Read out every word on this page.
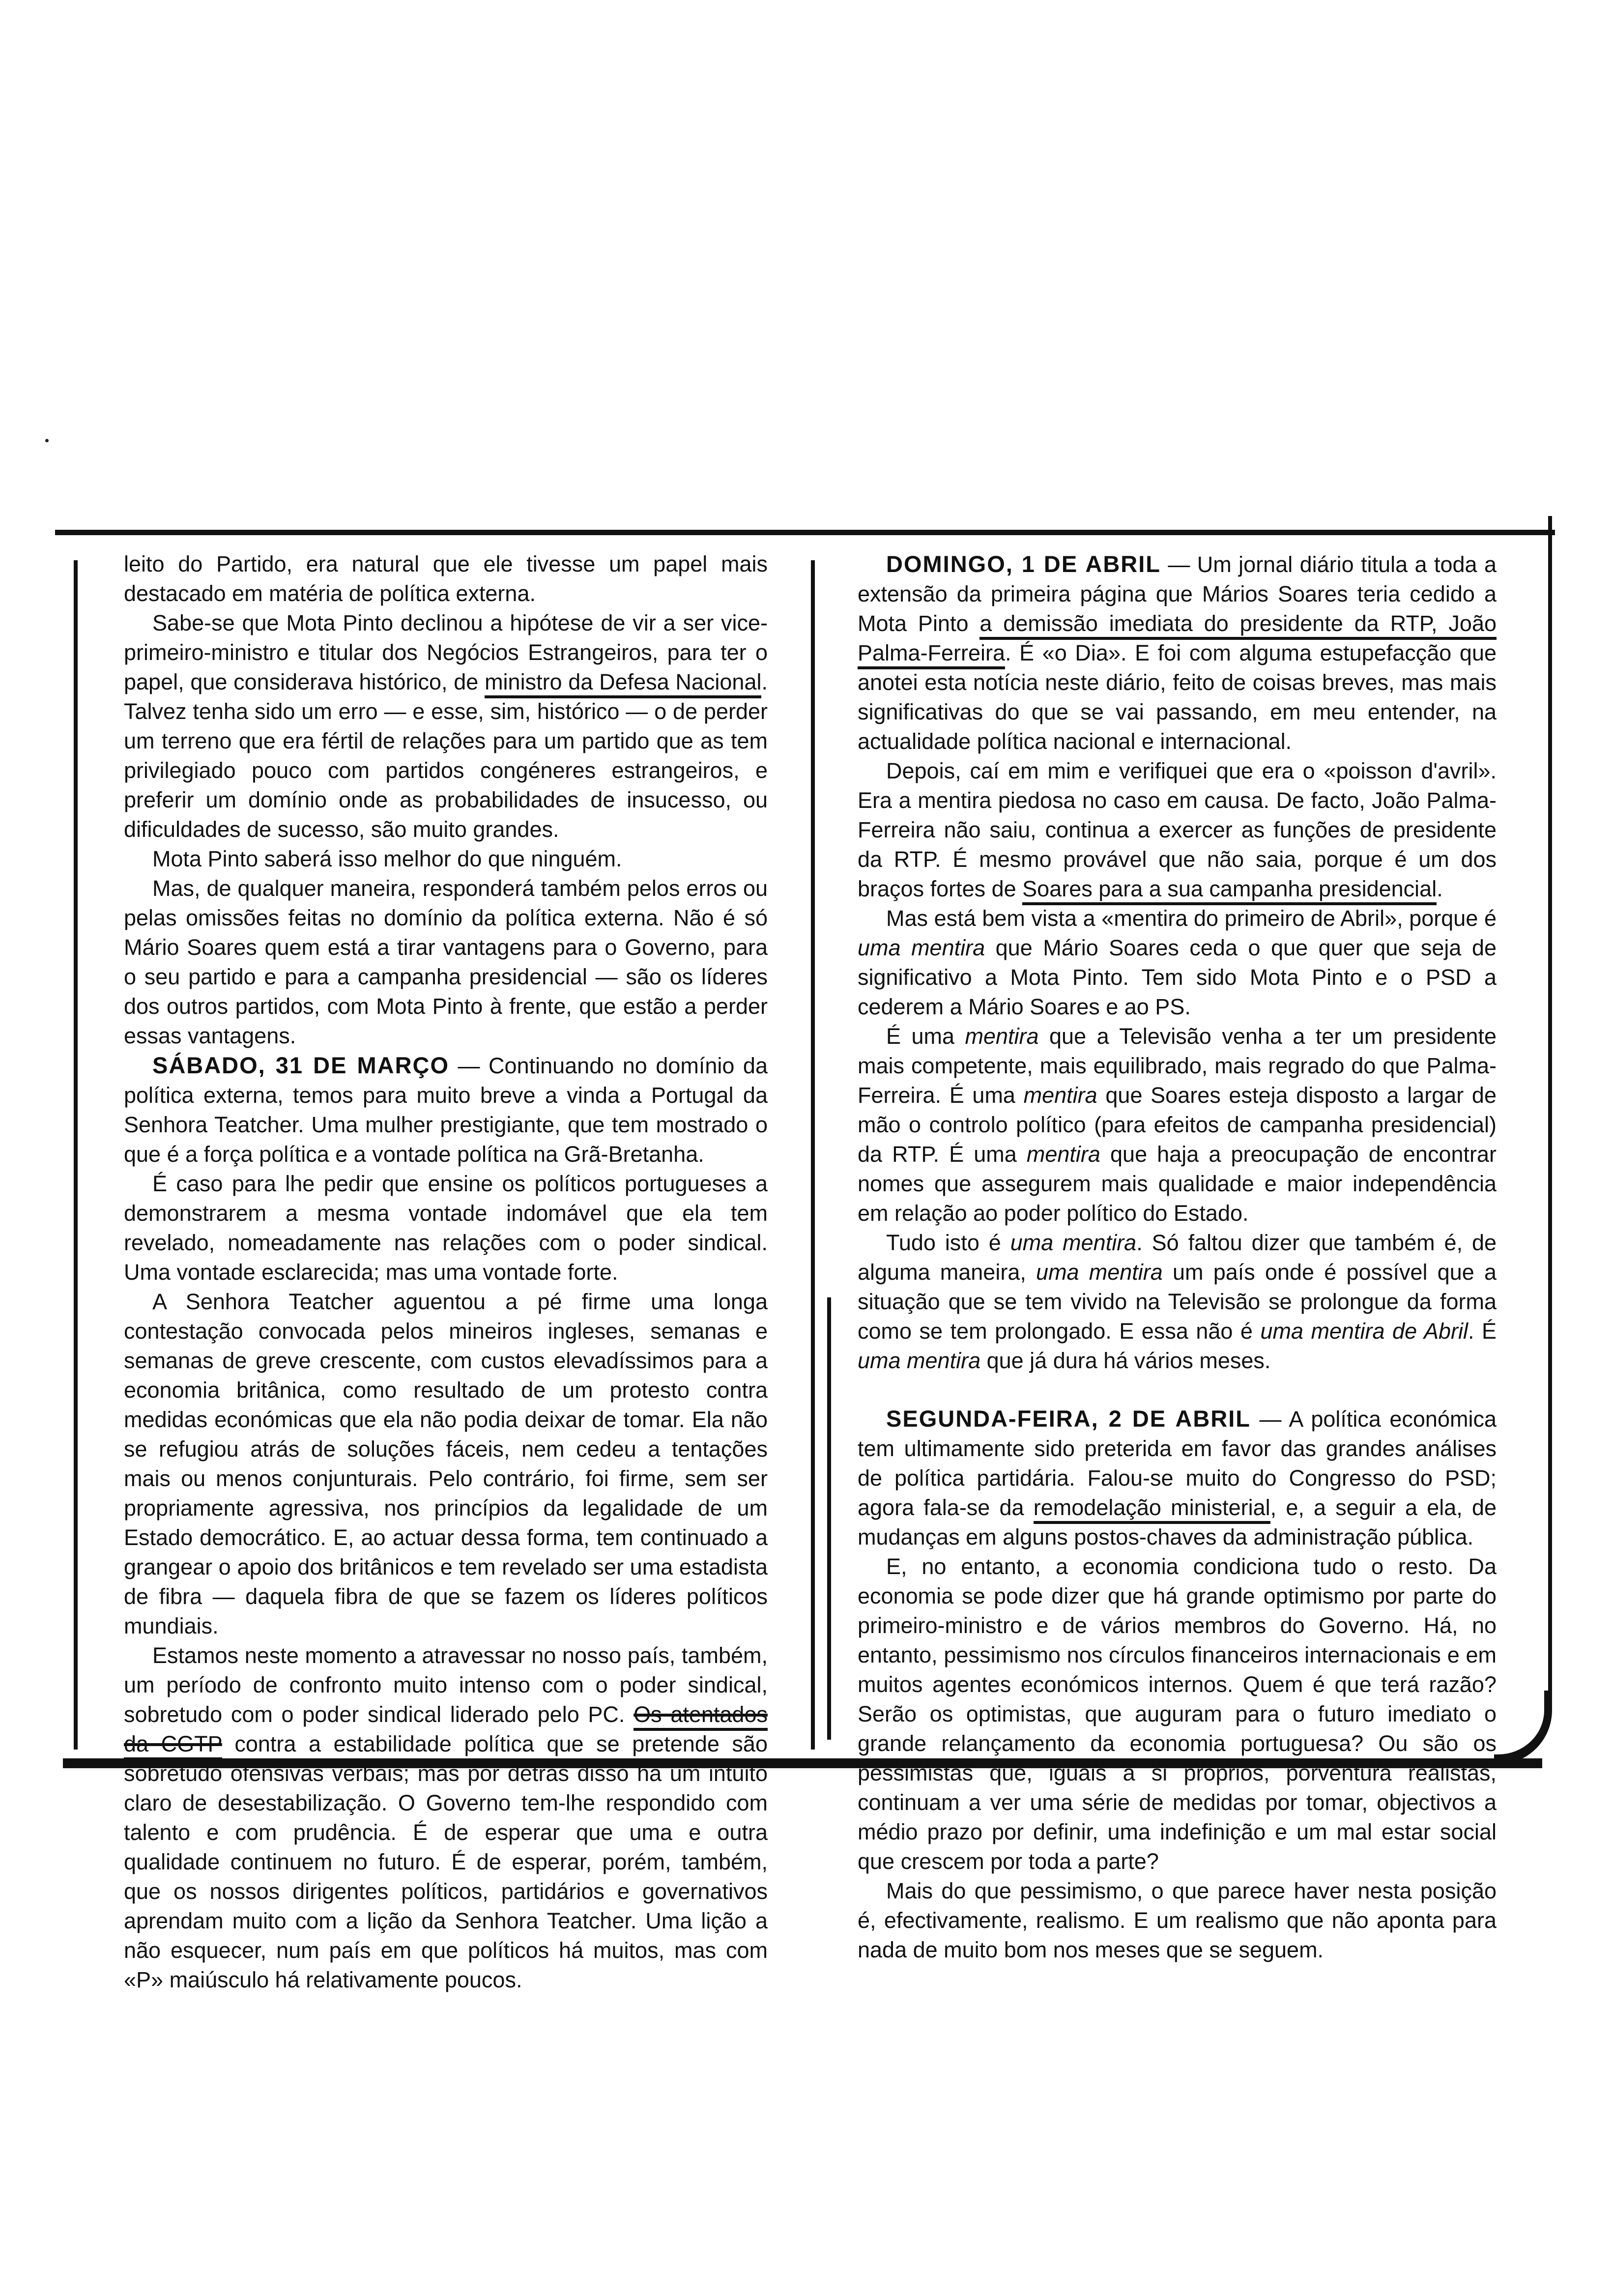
leito do Partido, era natural que ele tivesse um papel mais destacado em matéria de política externa.

Sabe-se que Mota Pinto declinou a hipótese de vir a ser vice-primeiro-ministro e titular dos Negócios Estrangeiros, para ter o papel, que considerava histórico, de ministro da Defesa Nacional. Talvez tenha sido um erro — e esse, sim, histórico — o de perder um terreno que era fértil de relações para um partido que as tem privilegiado pouco com partidos congéneres estrangeiros, e preferir um domínio onde as probabilidades de insucesso, ou dificuldades de sucesso, são muito grandes.

Mota Pinto saberá isso melhor do que ninguém.

Mas, de qualquer maneira, responderá também pelos erros ou pelas omissões feitas no domínio da política externa. Não é só Mário Soares quem está a tirar vantagens para o Governo, para o seu partido e para a campanha presidencial — são os líderes dos outros partidos, com Mota Pinto à frente, que estão a perder essas vantagens.

SÁBADO, 31 DE MARÇO — Continuando no domínio da política externa, temos para muito breve a vinda a Portugal da Senhora Teatcher. Uma mulher prestigiante, que tem mostrado o que é a força política e a vontade política na Grã-Bretanha.

É caso para lhe pedir que ensine os políticos portugueses a demonstrarem a mesma vontade indomável que ela tem revelado, nomeadamente nas relações com o poder sindical. Uma vontade esclarecida; mas uma vontade forte.

A Senhora Teatcher aguentou a pé firme uma longa contestação convocada pelos mineiros ingleses, semanas e semanas de greve crescente, com custos elevadíssimos para a economia britânica, como resultado de um protesto contra medidas económicas que ela não podia deixar de tomar. Ela não se refugiou atrás de soluções fáceis, nem cedeu a tentações mais ou menos conjunturais. Pelo contrário, foi firme, sem ser propriamente agressiva, nos princípios da legalidade de um Estado democrático. E, ao actuar dessa forma, tem continuado a grangear o apoio dos britânicos e tem revelado ser uma estadista de fibra — daquela fibra de que se fazem os líderes políticos mundiais.

Estamos neste momento a atravessar no nosso país, também, um período de confronto muito intenso com o poder sindical, sobretudo com o poder sindical liderado pelo PC. Os atentados da CGTP contra a estabilidade política que se pretende são sobretudo ofensivas verbais; mas por detrás disso há um intuito claro de desestabilização. O Governo tem-lhe respondido com talento e com prudência. É de esperar que uma e outra qualidade continuem no futuro. É de esperar, porém, também, que os nossos dirigentes políticos, partidários e governativos aprendam muito com a lição da Senhora Teatcher. Uma lição a não esquecer, num país em que políticos há muitos, mas com «P» maiúsculo há relativamente poucos.

DOMINGO, 1 DE ABRIL — Um jornal diário titula a toda a extensão da primeira página que Mários Soares teria cedido a Mota Pinto a demissão imediata do presidente da RTP, João Palma-Ferreira. É «o Dia». E foi com alguma estupefacção que anotei esta notícia neste diário, feito de coisas breves, mas mais significativas do que se vai passando, em meu entender, na actualidade política nacional e internacional.

Depois, caí em mim e verifiquei que era o «poisson d'avril». Era a mentira piedosa no caso em causa. De facto, João Palma-Ferreira não saiu, continua a exercer as funções de presidente da RTP. É mesmo provável que não saia, porque é um dos braços fortes de Soares para a sua campanha presidencial.

Mas está bem vista a «mentira do primeiro de Abril», porque é uma mentira que Mário Soares ceda o que quer que seja de significativo a Mota Pinto. Tem sido Mota Pinto e o PSD a cederem a Mário Soares e ao PS.

É uma mentira que a Televisão venha a ter um presidente mais competente, mais equilibrado, mais regrado do que Palma-Ferreira. É uma mentira que Soares esteja disposto a largar de mão o controlo político (para efeitos de campanha presidencial) da RTP. É uma mentira que haja a preocupação de encontrar nomes que assegurem mais qualidade e maior independência em relação ao poder político do Estado.

Tudo isto é uma mentira. Só faltou dizer que também é, de alguma maneira, uma mentira um país onde é possível que a situação que se tem vivido na Televisão se prolongue da forma como se tem prolongado. E essa não é uma mentira de Abril. É uma mentira que já dura há vários meses.

SEGUNDA-FEIRA, 2 DE ABRIL — A política económica tem ultimamente sido preterida em favor das grandes análises de política partidária. Falou-se muito do Congresso do PSD; agora fala-se da remodelação ministerial, e, a seguir a ela, de mudanças em alguns postos-chaves da administração pública.

E, no entanto, a economia condiciona tudo o resto. Da economia se pode dizer que há grande optimismo por parte do primeiro-ministro e de vários membros do Governo. Há, no entanto, pessimismo nos círculos financeiros internacionais e em muitos agentes económicos internos. Quem é que terá razão? Serão os optimistas, que auguram para o futuro imediato o grande relançamento da economia portuguesa? Ou são os pessimistas que, iguais a si próprios, porventura realistas, continuam a ver uma série de medidas por tomar, objectivos a médio prazo por definir, uma indefinição e um mal estar social que crescem por toda a parte?

Mais do que pessimismo, o que parece haver nesta posição é, efectivamente, realismo. E um realismo que não aponta para nada de muito bom nos meses que se seguem.
